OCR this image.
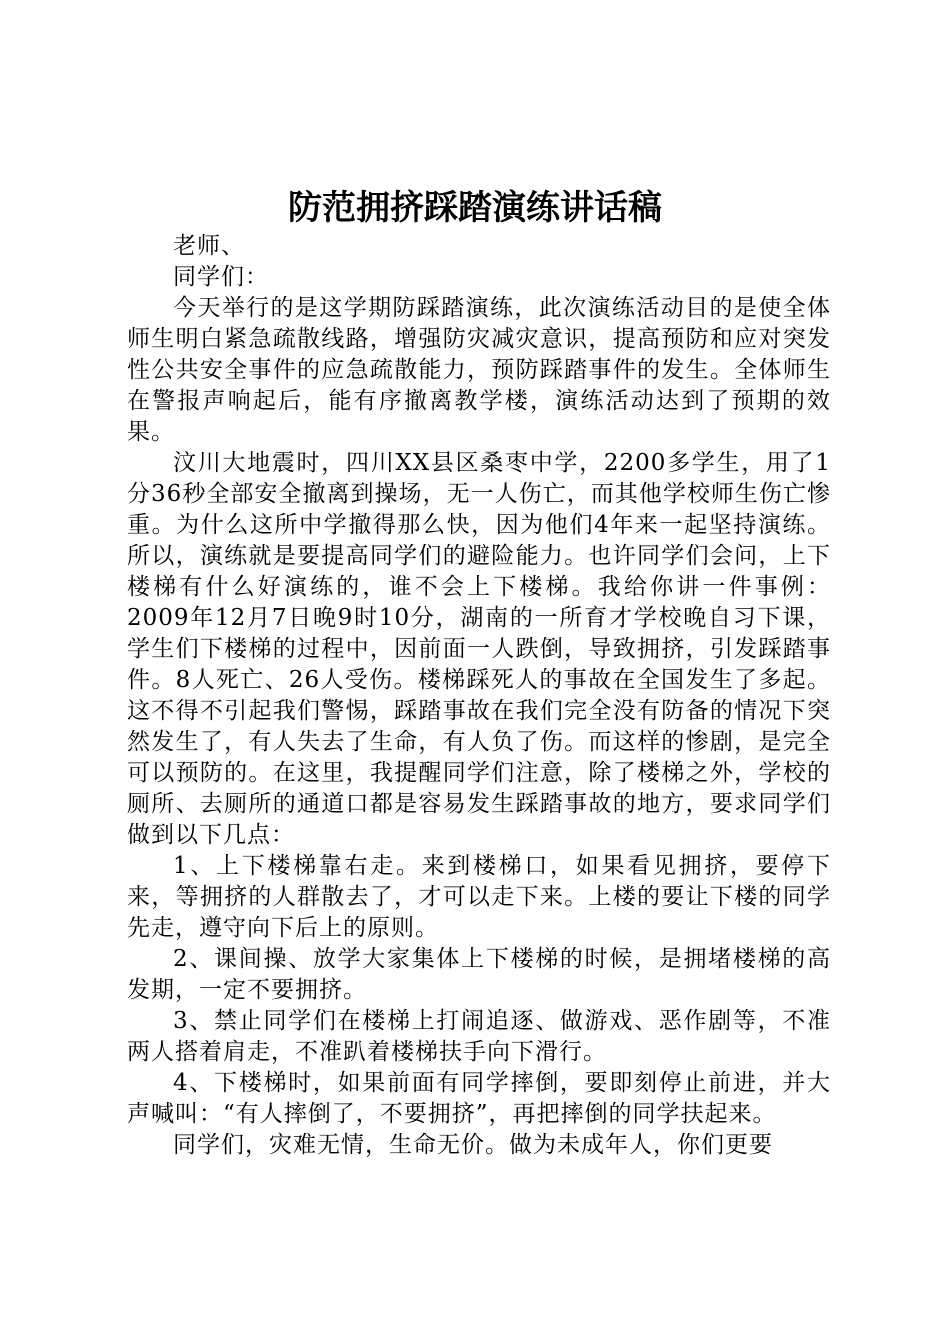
防范拥挤踩踏演练讲话稿

老师、

同学们：

今天举行的是这学期防踩踏演练，此次演练活动目的是使全体师生明白紧急疏散线路，增强防灾减灾意识，提高预防和应对突发性公共安全事件的应急疏散能力，预防踩踏事件的发生。全体师生在警报声响起后，能有序撤离教学楼，演练活动达到了预期的效果。

汶川大地震时，四川XX县区桑枣中学，2200多学生，用了1分36秒全部安全撤离到操场，无一人伤亡，而其他学校师生伤亡惨重。为什么这所中学撤得那么快，因为他们4年来一起坚持演练。所以，演练就是要提高同学们的避险能力。也许同学们会问，上下楼梯有什么好演练的，谁不会上下楼梯。我给你讲一件事例：2009年12月7日晚9时10分，湖南的一所育才学校晚自习下课，学生们下楼梯的过程中，因前面一人跌倒，导致拥挤，引发踩踏事件。8人死亡、26人受伤。楼梯踩死人的事故在全国发生了多起。这不得不引起我们警惕，踩踏事故在我们完全没有防备的情况下突然发生了，有人失去了生命，有人负了伤。而这样的惨剧，是完全可以预防的。在这里，我提醒同学们注意，除了楼梯之外，学校的厕所、去厕所的通道口都是容易发生踩踏事故的地方，要求同学们做到以下几点：

1、上下楼梯靠右走。来到楼梯口，如果看见拥挤，要停下来，等拥挤的人群散去了，才可以走下来。上楼的要让下楼的同学先走，遵守向下后上的原则。

2、课间操、放学大家集体上下楼梯的时候，是拥堵楼梯的高发期，一定不要拥挤。

3、禁止同学们在楼梯上打闹追逐、做游戏、恶作剧等，不准两人搭着肩走，不准趴着楼梯扶手向下滑行。

4、下楼梯时，如果前面有同学摔倒，要即刻停止前进，并大声喊叫：“有人摔倒了，不要拥挤”，再把摔倒的同学扶起来。

同学们，灾难无情，生命无价。做为未成年人，你们更要
